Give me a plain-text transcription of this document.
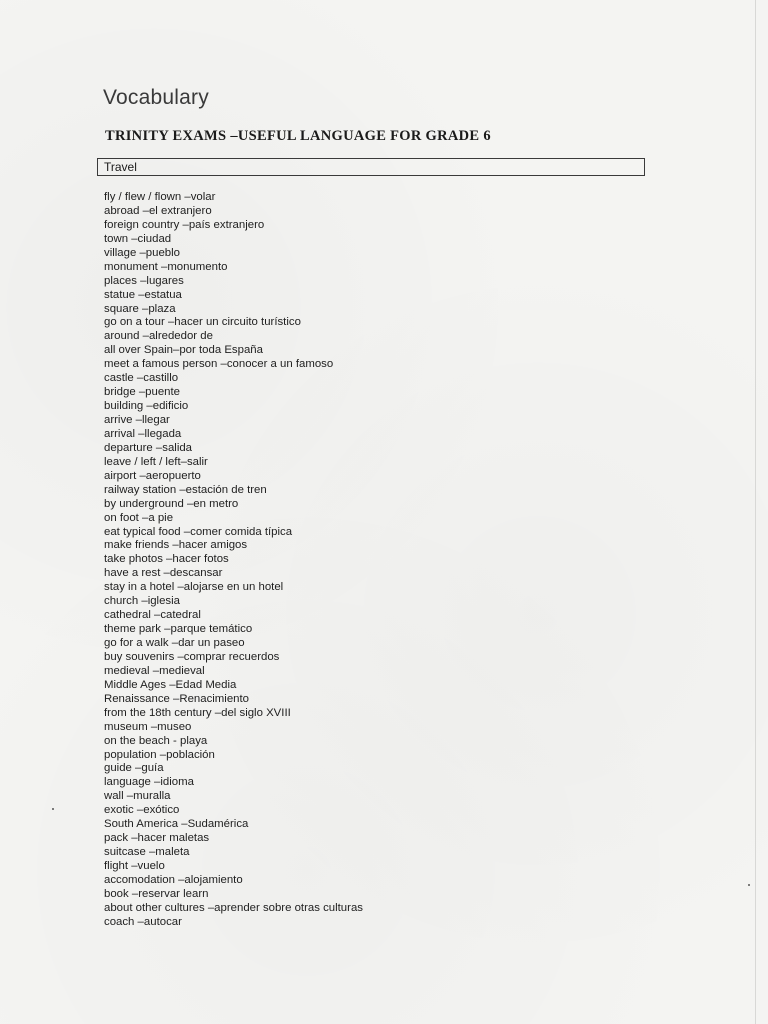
Vocabulary
TRINITY EXAMS –USEFUL LANGUAGE FOR GRADE 6
Travel
fly / flew / flown –volar
abroad –el extranjero
foreign country –país extranjero
town –ciudad
village –pueblo
monument –monumento
places –lugares
statue –estatua
square –plaza
go on a tour –hacer un circuito turístico
around –alrededor de
all over Spain–por toda España
meet a famous person –conocer a un famoso
castle –castillo
bridge –puente
building –edificio
arrive –llegar
arrival –llegada
departure –salida
leave / left / left–salir
airport –aeropuerto
railway station –estación de tren
by underground –en metro
on foot –a pie
eat typical food –comer comida típica
make friends –hacer amigos
take photos –hacer fotos
have a rest –descansar
stay in a hotel –alojarse en un hotel
church –iglesia
cathedral –catedral
theme park –parque temático
go for a walk –dar un paseo
buy souvenirs –comprar recuerdos
medieval –medieval
Middle Ages –Edad Media
Renaissance –Renacimiento
from the 18th century –del siglo XVIII
museum –museo
on the beach - playa
population –población
guide –guía
language –idioma
wall –muralla
exotic –exótico
South America –Sudamérica
pack –hacer maletas
suitcase –maleta
flight –vuelo
accomodation –alojamiento
book –reservar learn
about other cultures –aprender sobre otras culturas
coach –autocar
